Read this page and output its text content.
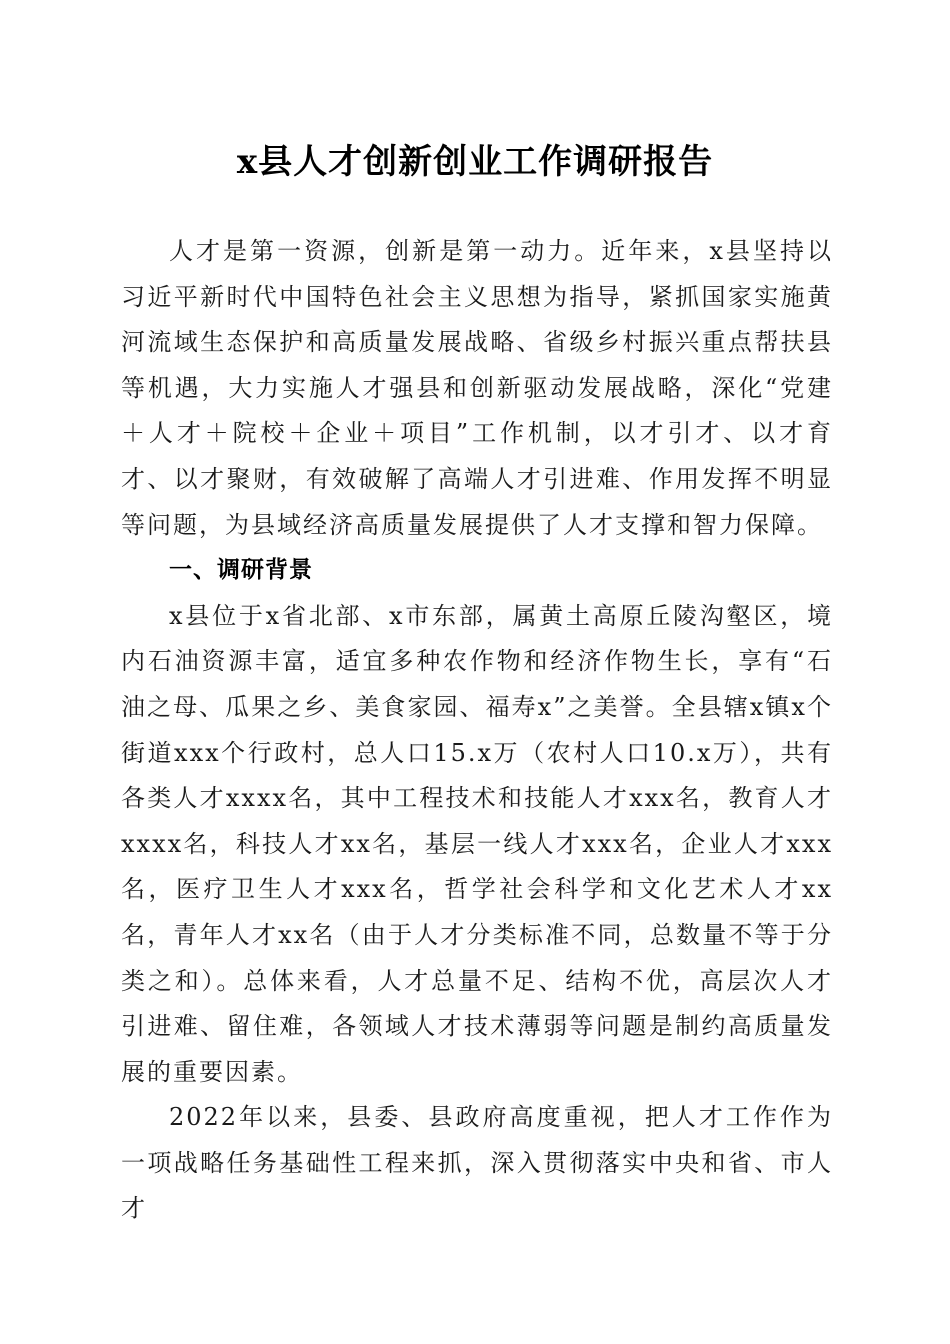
x县人才创新创业工作调研报告

人才是第一资源，创新是第一动力。近年来，x县坚持以习近平新时代中国特色社会主义思想为指导，紧抓国家实施黄河流域生态保护和高质量发展战略、省级乡村振兴重点帮扶县等机遇，大力实施人才强县和创新驱动发展战略，深化“党建＋人才＋院校＋企业＋项目”工作机制，以才引才、以才育才、以才聚财，有效破解了高端人才引进难、作用发挥不明显等问题，为县域经济高质量发展提供了人才支撑和智力保障。

一、调研背景

x县位于x省北部、x市东部，属黄土高原丘陵沟壑区，境内石油资源丰富，适宜多种农作物和经济作物生长，享有“石油之母、瓜果之乡、美食家园、福寿x”之美誉。全县辖x镇x个街道xxx个行政村，总人口15.x万（农村人口10.x万），共有各类人才xxxx名，其中工程技术和技能人才xxx名，教育人才xxxx名，科技人才xx名，基层一线人才xxx名，企业人才xxx名，医疗卫生人才xxx名，哲学社会科学和文化艺术人才xx名，青年人才xx名（由于人才分类标准不同，总数量不等于分类之和）。总体来看，人才总量不足、结构不优，高层次人才引进难、留住难，各领域人才技术薄弱等问题是制约高质量发展的重要因素。

2022年以来，县委、县政府高度重视，把人才工作作为一项战略任务基础性工程来抓，深入贯彻落实中央和省、市人才
